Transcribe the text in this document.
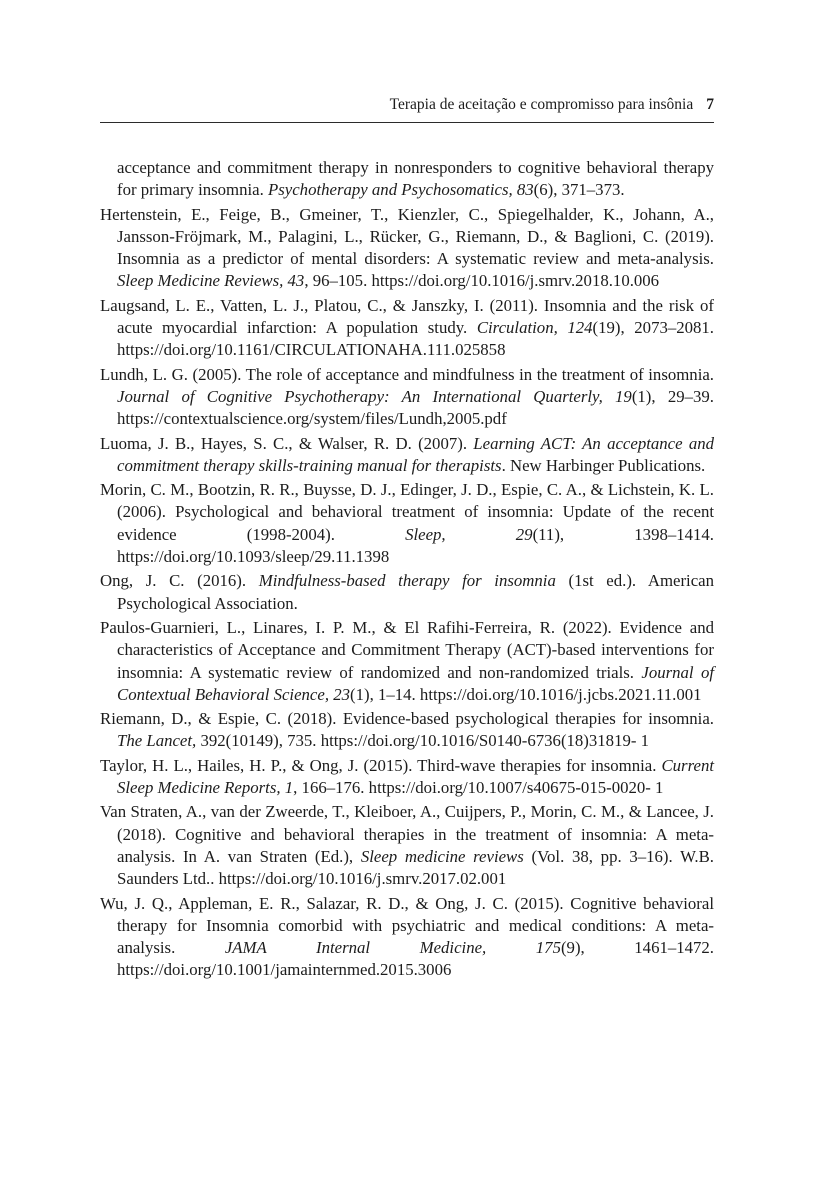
Terapia de aceitação e compromisso para insônia 7

acceptance and commitment therapy in nonresponders to cognitive behavioral therapy for primary insomnia. Psychotherapy and Psychosomatics, 83(6), 371–373.

Hertenstein, E., Feige, B., Gmeiner, T., Kienzler, C., Spiegelhalder, K., Johann, A., Jansson-Fröjmark, M., Palagini, L., Rücker, G., Riemann, D., & Baglioni, C. (2019). Insomnia as a predictor of mental disorders: A systematic review and meta-analysis. Sleep Medicine Reviews, 43, 96–105. https://doi.org/10.1016/j.smrv.2018.10.006

Laugsand, L. E., Vatten, L. J., Platou, C., & Janszky, I. (2011). Insomnia and the risk of acute myocardial infarction: A population study. Circulation, 124(19), 2073–2081. https://doi.org/10.1161/CIRCULATIONAHA.111.025858

Lundh, L. G. (2005). The role of acceptance and mindfulness in the treatment of insomnia. Journal of Cognitive Psychotherapy: An International Quarterly, 19(1), 29–39. https://contextualscience.org/system/files/Lundh,2005.pdf

Luoma, J. B., Hayes, S. C., & Walser, R. D. (2007). Learning ACT: An acceptance and commitment therapy skills-training manual for therapists. New Harbinger Publications.

Morin, C. M., Bootzin, R. R., Buysse, D. J., Edinger, J. D., Espie, C. A., & Lichstein, K. L. (2006). Psychological and behavioral treatment of insomnia: Update of the recent evidence (1998-2004). Sleep, 29(11), 1398–1414. https://doi.org/10.1093/sleep/29.11.1398

Ong, J. C. (2016). Mindfulness-based therapy for insomnia (1st ed.). American Psychological Association.

Paulos-Guarnieri, L., Linares, I. P. M., & El Rafihi-Ferreira, R. (2022). Evidence and characteristics of Acceptance and Commitment Therapy (ACT)-based interventions for insomnia: A systematic review of randomized and non-randomized trials. Journal of Contextual Behavioral Science, 23(1), 1–14. https://doi.org/10.1016/j.jcbs.2021.11.001

Riemann, D., & Espie, C. (2018). Evidence-based psychological therapies for insomnia. The Lancet, 392(10149), 735. https://doi.org/10.1016/S0140-6736(18)31819- 1

Taylor, H. L., Hailes, H. P., & Ong, J. (2015). Third-wave therapies for insomnia. Current Sleep Medicine Reports, 1, 166–176. https://doi.org/10.1007/s40675-015-0020- 1

Van Straten, A., van der Zweerde, T., Kleiboer, A., Cuijpers, P., Morin, C. M., & Lancee, J. (2018). Cognitive and behavioral therapies in the treatment of insomnia: A meta-analysis. In A. van Straten (Ed.), Sleep medicine reviews (Vol. 38, pp. 3–16). W.B. Saunders Ltd.. https://doi.org/10.1016/j.smrv.2017.02.001

Wu, J. Q., Appleman, E. R., Salazar, R. D., & Ong, J. C. (2015). Cognitive behavioral therapy for Insomnia comorbid with psychiatric and medical conditions: A meta-analysis. JAMA Internal Medicine, 175(9), 1461–1472. https://doi.org/10.1001/jamainternmed.2015.3006
